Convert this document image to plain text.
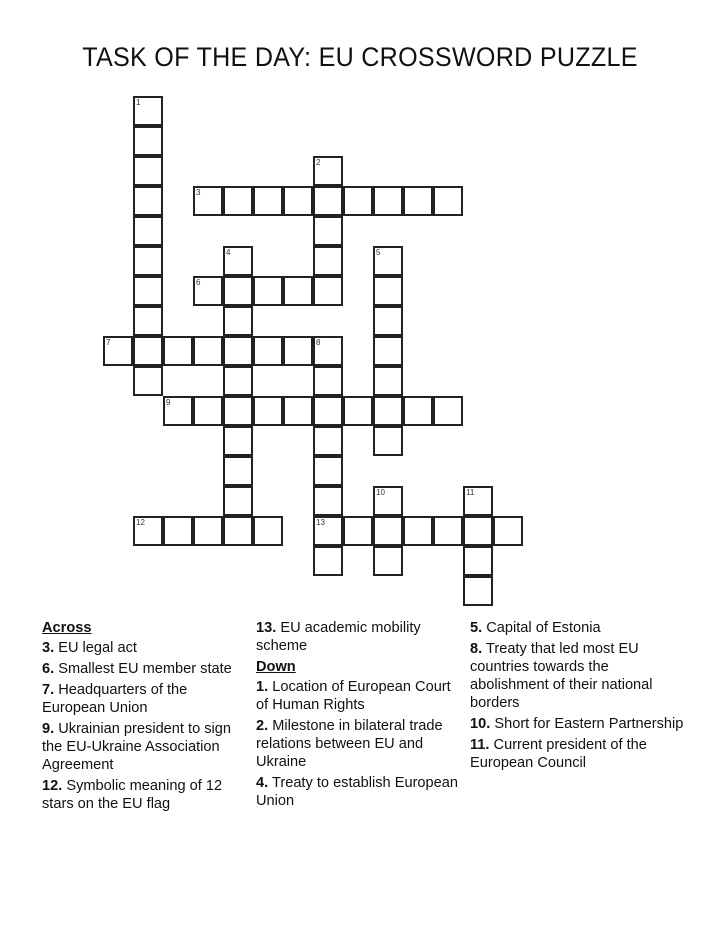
TASK OF THE DAY: EU CROSSWORD PUZZLE
1
2
3
4	5
6
7	8
13
9
10	11
12
Across
3. EU legal act
6. Smallest EU member state
7. Headquarters of the European Union
9. Ukrainian president to sign the EU-Ukraine Association Agreement
12. Symbolic meaning of 12 stars on the EU flag
13. EU academic mobility scheme
Down
1. Location of European Court of Human Rights
2. Milestone in bilateral trade relations between EU and Ukraine
4. Treaty to establish European Union
5. Capital of Estonia
8. Treaty that led most EU countries towards the abolishment of their national borders
10. Short for Eastern Partnership
11. Current president of the European Council
